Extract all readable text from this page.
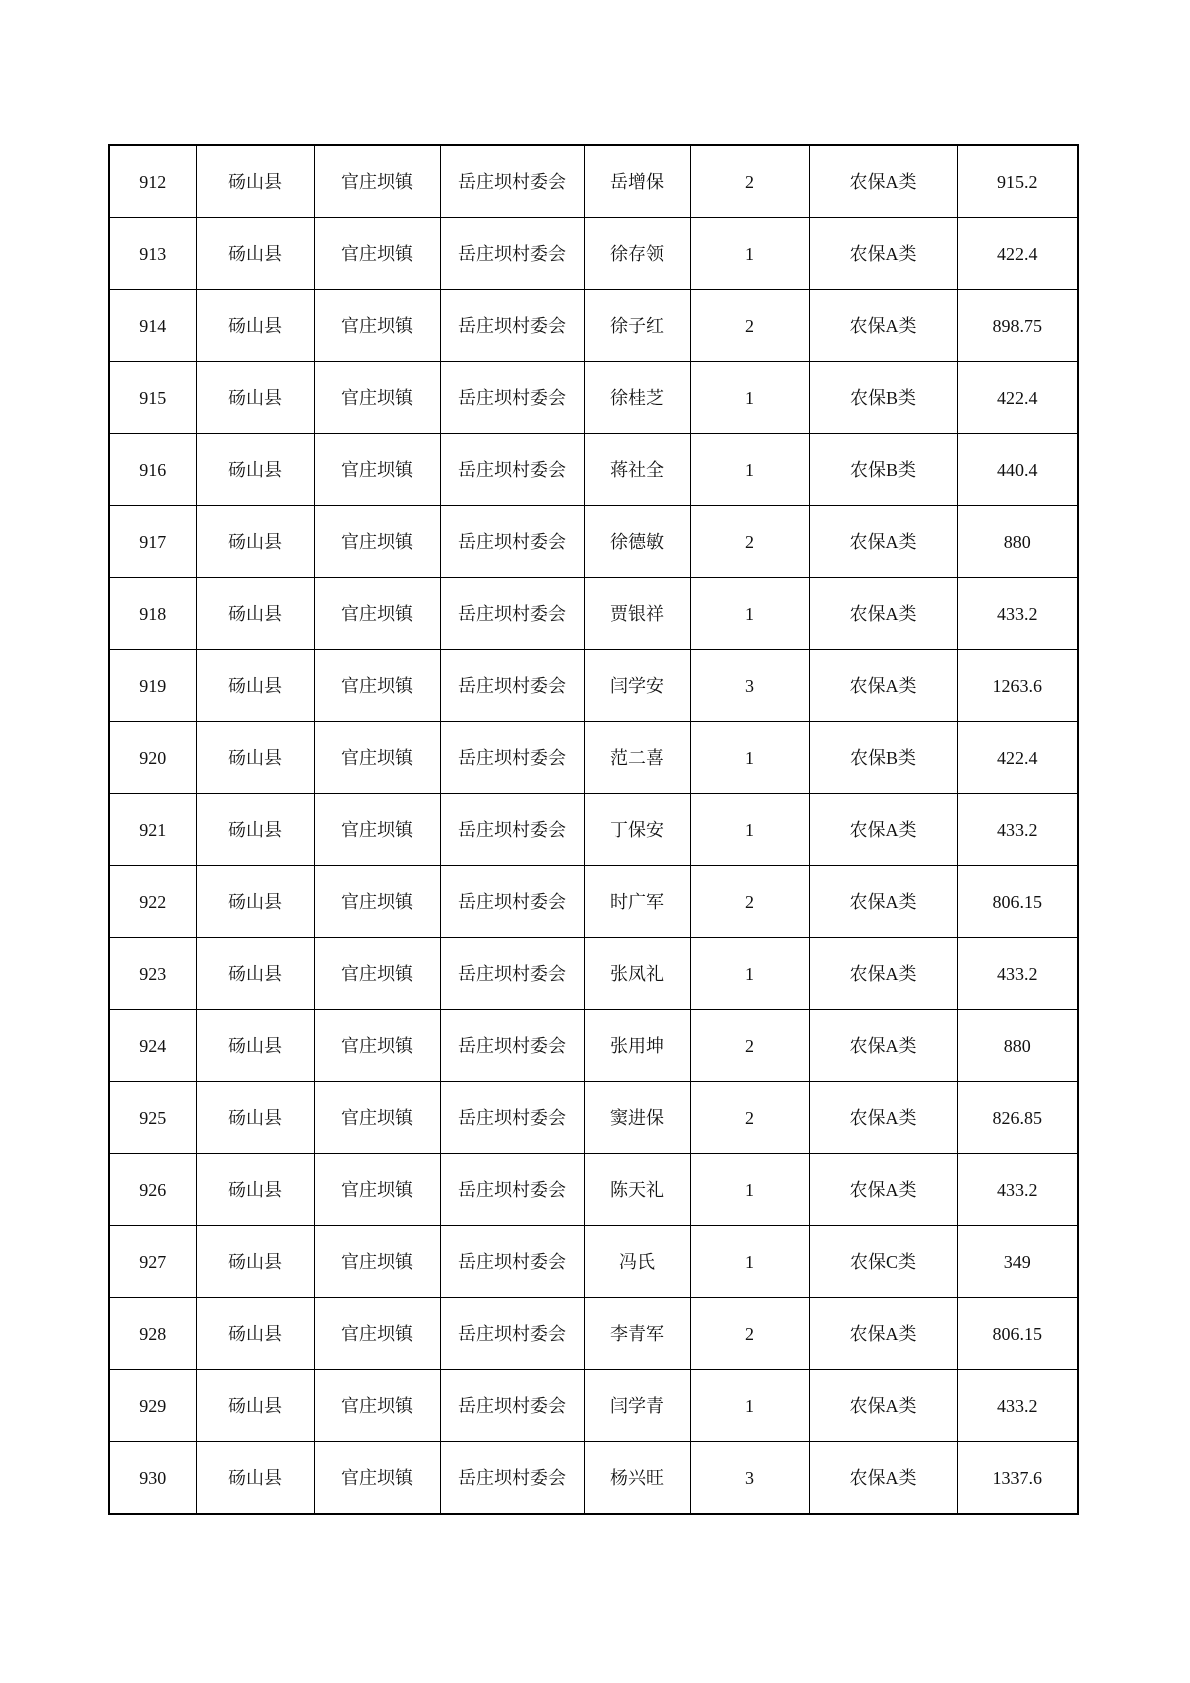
912	砀山县	官庄坝镇	岳庄坝村委会	岳增保	2	农保A类	915.2
913	砀山县	官庄坝镇	岳庄坝村委会	徐存领	1	农保A类	422.4
914	砀山县	官庄坝镇	岳庄坝村委会	徐子红	2	农保A类	898.75
915	砀山县	官庄坝镇	岳庄坝村委会	徐桂芝	1	农保B类	422.4
916	砀山县	官庄坝镇	岳庄坝村委会	蒋社全	1	农保B类	440.4
917	砀山县	官庄坝镇	岳庄坝村委会	徐德敏	2	农保A类	880
918	砀山县	官庄坝镇	岳庄坝村委会	贾银祥	1	农保A类	433.2
919	砀山县	官庄坝镇	岳庄坝村委会	闫学安	3	农保A类	1263.6
920	砀山县	官庄坝镇	岳庄坝村委会	范二喜	1	农保B类	422.4
921	砀山县	官庄坝镇	岳庄坝村委会	丁保安	1	农保A类	433.2
922	砀山县	官庄坝镇	岳庄坝村委会	时广军	2	农保A类	806.15
923	砀山县	官庄坝镇	岳庄坝村委会	张凤礼	1	农保A类	433.2
924	砀山县	官庄坝镇	岳庄坝村委会	张用坤	2	农保A类	880
925	砀山县	官庄坝镇	岳庄坝村委会	窦进保	2	农保A类	826.85
926	砀山县	官庄坝镇	岳庄坝村委会	陈天礼	1	农保A类	433.2
927	砀山县	官庄坝镇	岳庄坝村委会	冯氏	1	农保C类	349
928	砀山县	官庄坝镇	岳庄坝村委会	李青军	2	农保A类	806.15
929	砀山县	官庄坝镇	岳庄坝村委会	闫学青	1	农保A类	433.2
930	砀山县	官庄坝镇	岳庄坝村委会	杨兴旺	3	农保A类	1337.6
